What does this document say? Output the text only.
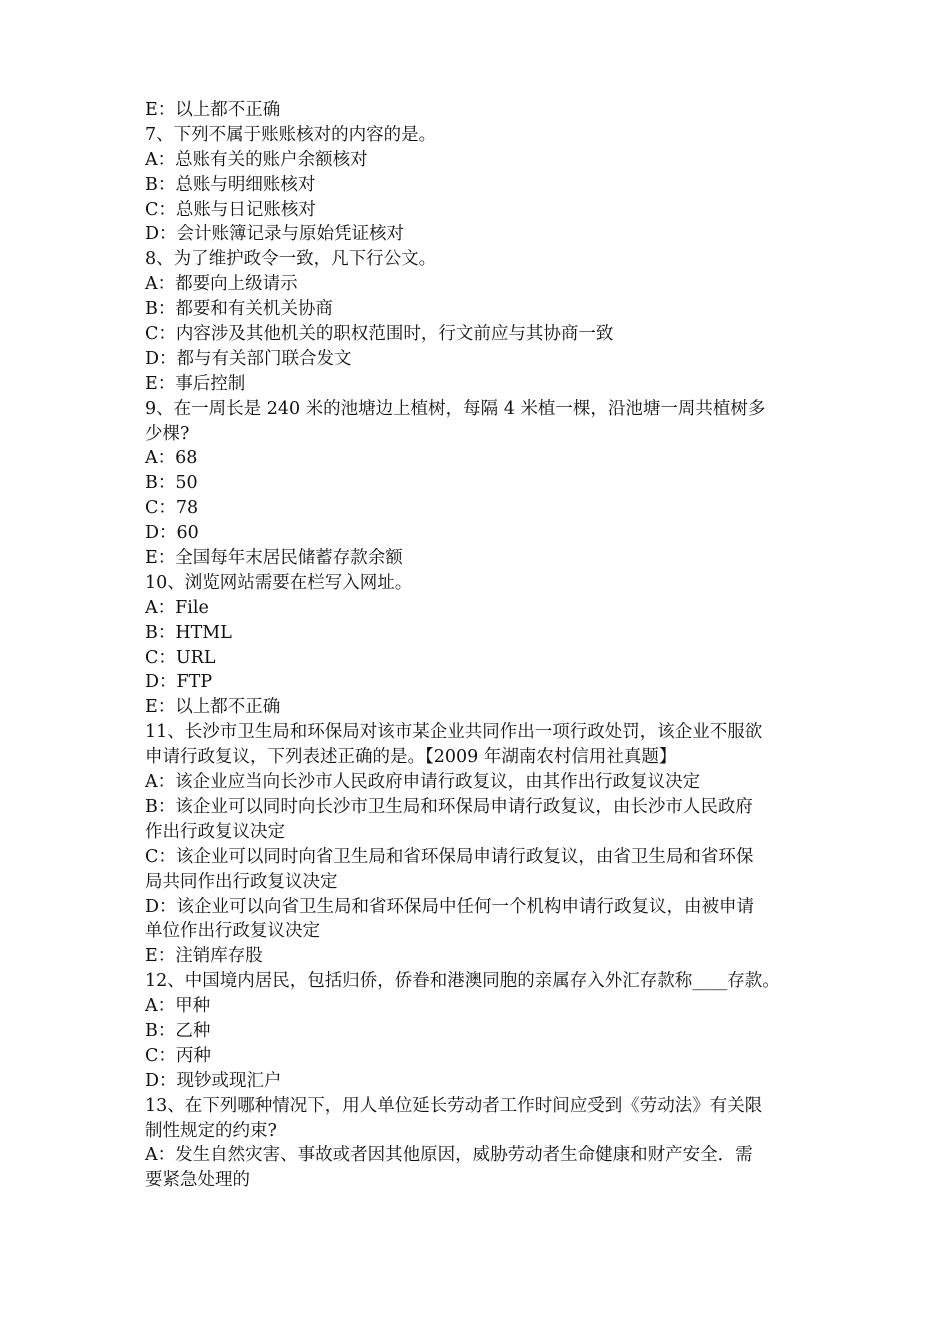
E：以上都不正确

7、下列不属于账账核对的内容的是。

A：总账有关的账户余额核对

B：总账与明细账核对

C：总账与日记账核对

D：会计账簿记录与原始凭证核对

8、为了维护政令一致，凡下行公文。

A：都要向上级请示

B：都要和有关机关协商

C：内容涉及其他机关的职权范围时，行文前应与其协商一致

D：都与有关部门联合发文

E：事后控制

9、在一周长是 240 米的池塘边上植树，每隔 4 米植一棵，沿池塘一周共植树多

少棵?

A：68

B：50

C：78

D：60

E：全国每年末居民储蓄存款余额

10、浏览网站需要在栏写入网址。

A：File

B：HTML

C：URL

D：FTP

E：以上都不正确

11、长沙市卫生局和环保局对该市某企业共同作出一项行政处罚，该企业不服欲

申请行政复议，下列表述正确的是。【2009 年湖南农村信用社真题】

A：该企业应当向长沙市人民政府申请行政复议，由其作出行政复议决定

B：该企业可以同时向长沙市卫生局和环保局申请行政复议，由长沙市人民政府

作出行政复议决定

C：该企业可以同时向省卫生局和省环保局申请行政复议，由省卫生局和省环保

局共同作出行政复议决定

D：该企业可以向省卫生局和省环保局中任何一个机构申请行政复议，由被申请

单位作出行政复议决定

E：注销库存股

12、中国境内居民，包括归侨，侨眷和港澳同胞的亲属存入外汇存款称____存款。

A：甲种

B：乙种

C：丙种

D：现钞或现汇户

13、在下列哪种情况下，用人单位延长劳动者工作时间应受到《劳动法》有关限

制性规定的约束?

A：发生自然灾害、事故或者因其他原因，威胁劳动者生命健康和财产安全．需

要紧急处理的
